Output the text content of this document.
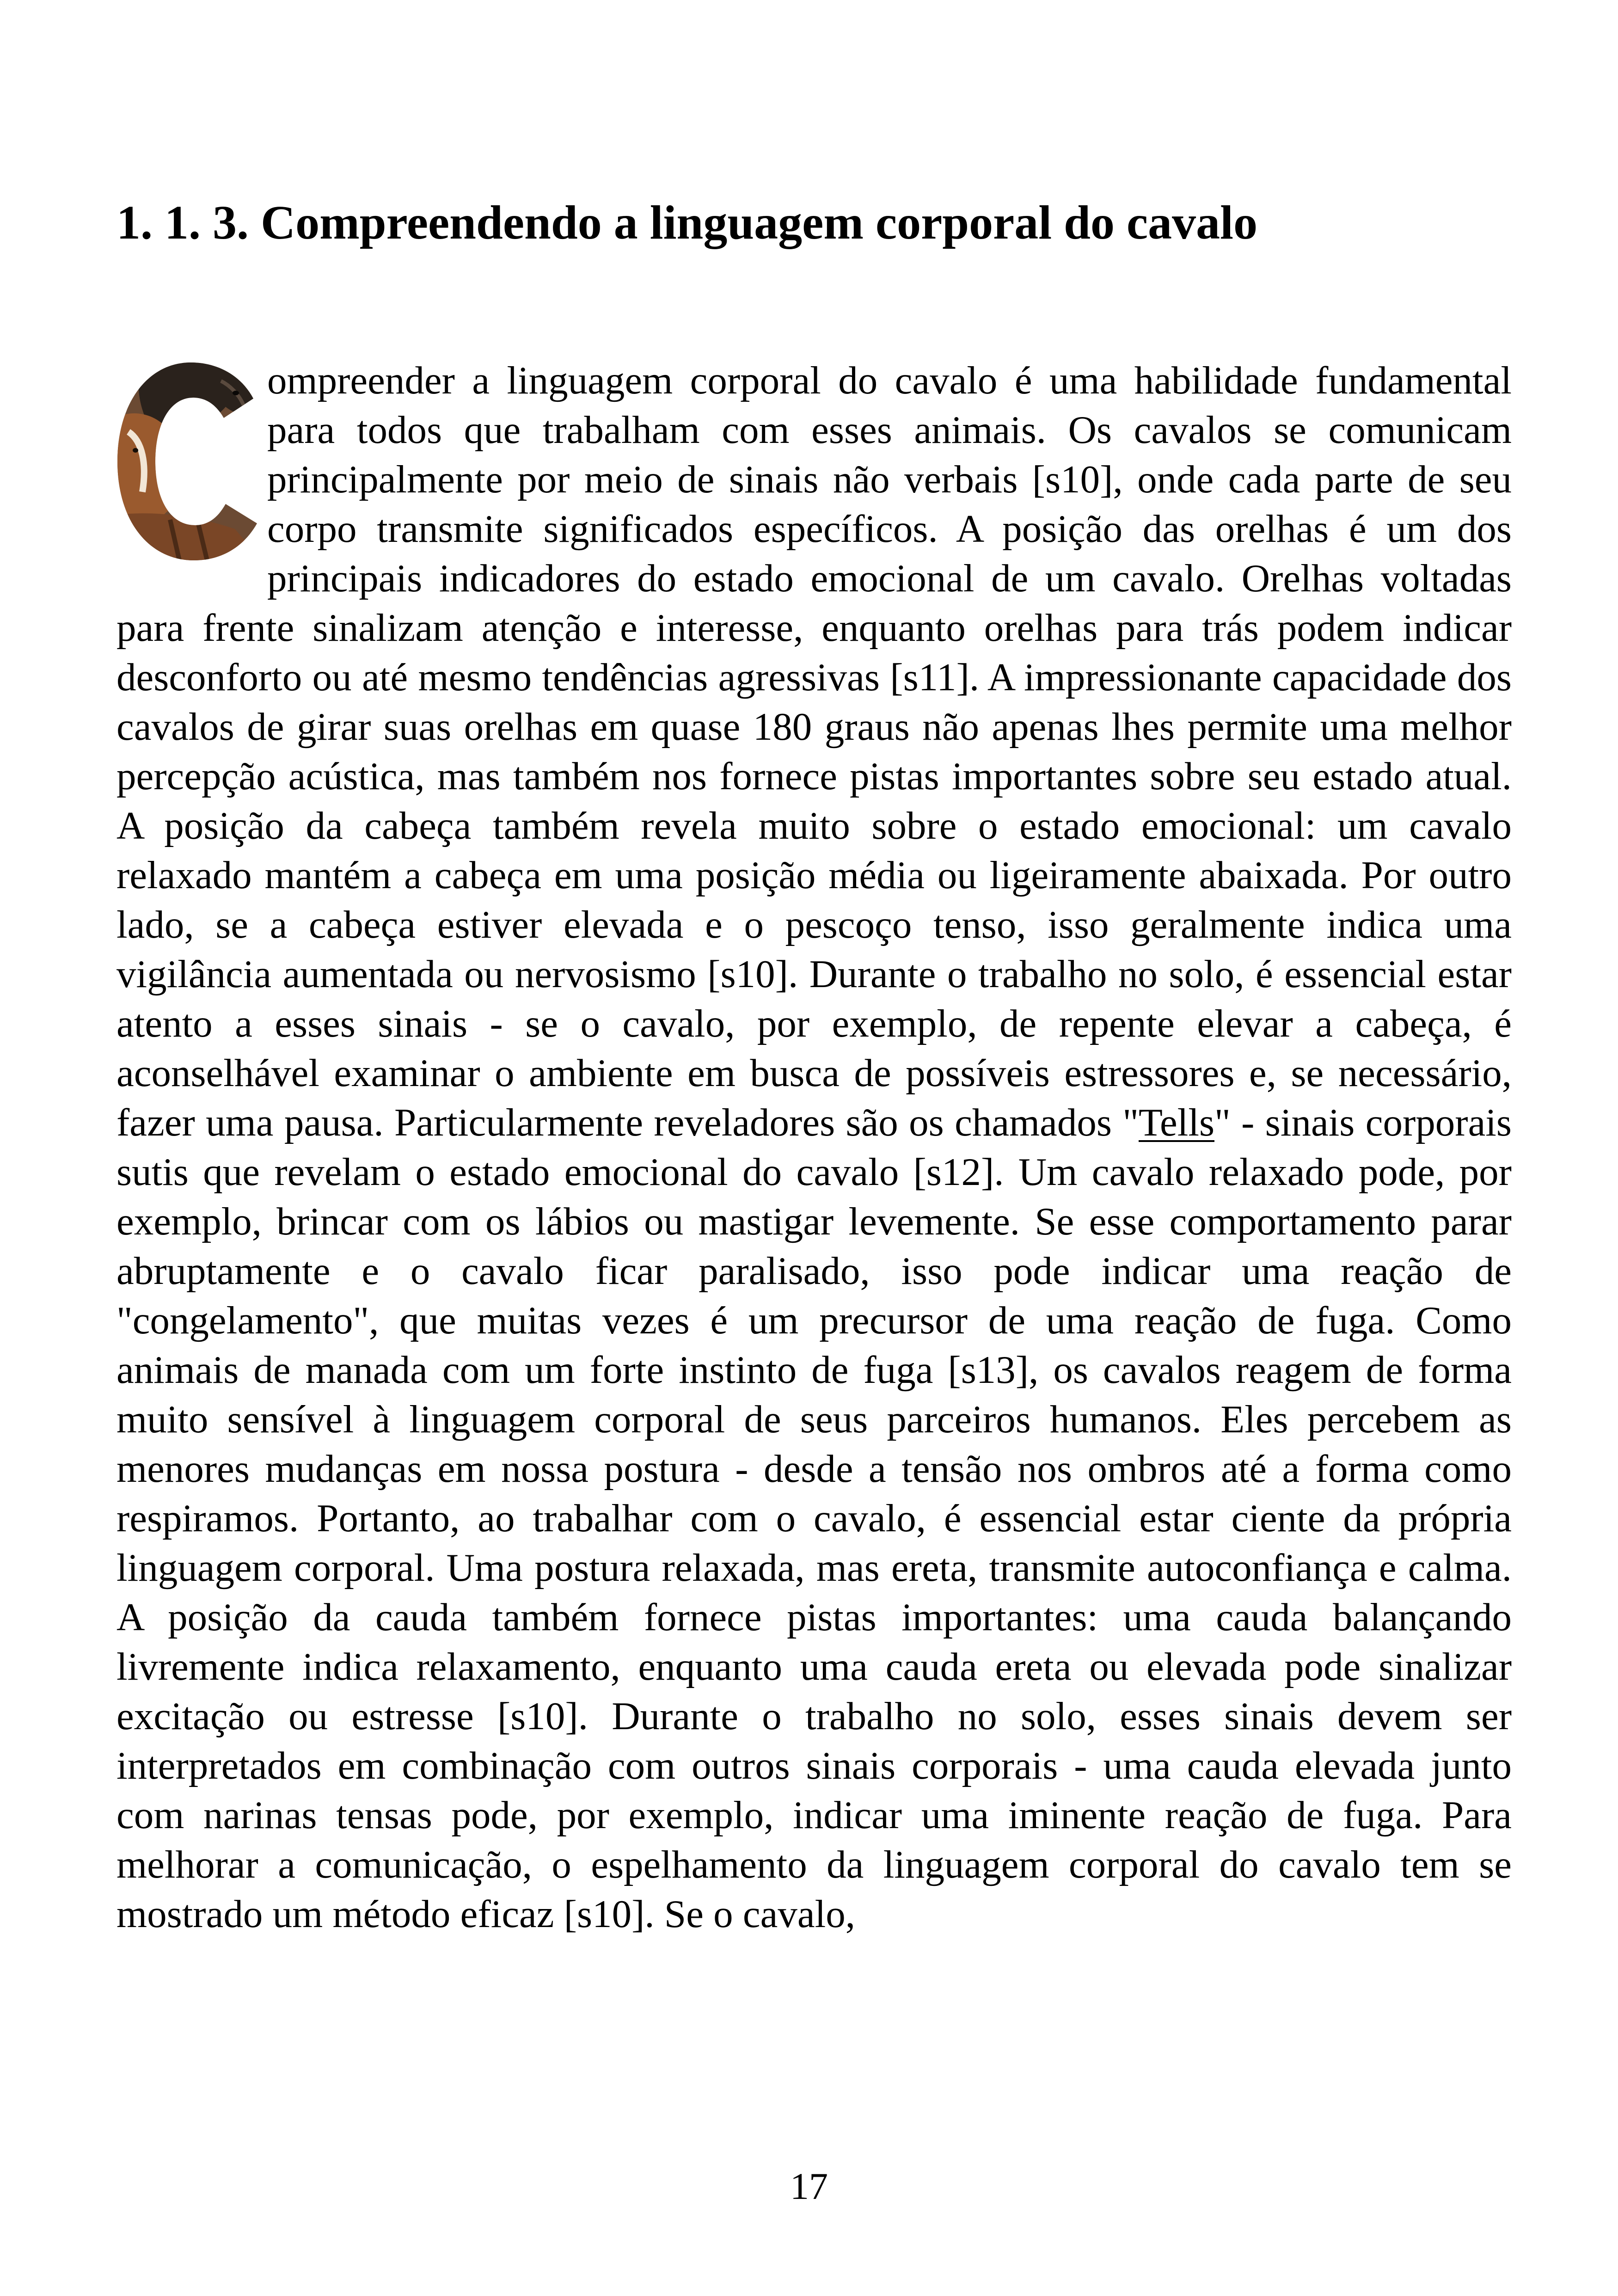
1. 1. 3. Compreendendo a linguagem corporal do cavalo

ompreender a linguagem corporal do cavalo é uma habilidade fundamental para todos que trabalham com esses animais. Os cavalos se comunicam principalmente por meio de sinais não verbais [s10], onde cada parte de seu corpo transmite significados específicos. A posição das orelhas é um dos principais indicadores do estado emocional de um cavalo. Orelhas voltadas para frente sinalizam atenção e interesse, enquanto orelhas para trás podem indicar desconforto ou até mesmo tendências agressivas [s11]. A impressionante capacidade dos cavalos de girar suas orelhas em quase 180 graus não apenas lhes permite uma melhor percepção acústica, mas também nos fornece pistas importantes sobre seu estado atual. A posição da cabeça também revela muito sobre o estado emocional: um cavalo relaxado mantém a cabeça em uma posição média ou ligeiramente abaixada. Por outro lado, se a cabeça estiver elevada e o pescoço tenso, isso geralmente indica uma vigilância aumentada ou nervosismo [s10]. Durante o trabalho no solo, é essencial estar atento a esses sinais - se o cavalo, por exemplo, de repente elevar a cabeça, é aconselhável examinar o ambiente em busca de possíveis estressores e, se necessário, fazer uma pausa. Particularmente reveladores são os chamados "Tells" - sinais corporais sutis que revelam o estado emocional do cavalo [s12]. Um cavalo relaxado pode, por exemplo, brincar com os lábios ou mastigar levemente. Se esse comportamento parar abruptamente e o cavalo ficar paralisado, isso pode indicar uma reação de "congelamento", que muitas vezes é um precursor de uma reação de fuga. Como animais de manada com um forte instinto de fuga [s13], os cavalos reagem de forma muito sensível à linguagem corporal de seus parceiros humanos. Eles percebem as menores mudanças em nossa postura - desde a tensão nos ombros até a forma como respiramos. Portanto, ao trabalhar com o cavalo, é essencial estar ciente da própria linguagem corporal. Uma postura relaxada, mas ereta, transmite autoconfiança e calma. A posição da cauda também fornece pistas importantes: uma cauda balançando livremente indica relaxamento, enquanto uma cauda ereta ou elevada pode sinalizar excitação ou estresse [s10]. Durante o trabalho no solo, esses sinais devem ser interpretados em combinação com outros sinais corporais - uma cauda elevada junto com narinas tensas pode, por exemplo, indicar uma iminente reação de fuga. Para melhorar a comunicação, o espelhamento da linguagem corporal do cavalo tem se mostrado um método eficaz [s10]. Se o cavalo,

17
